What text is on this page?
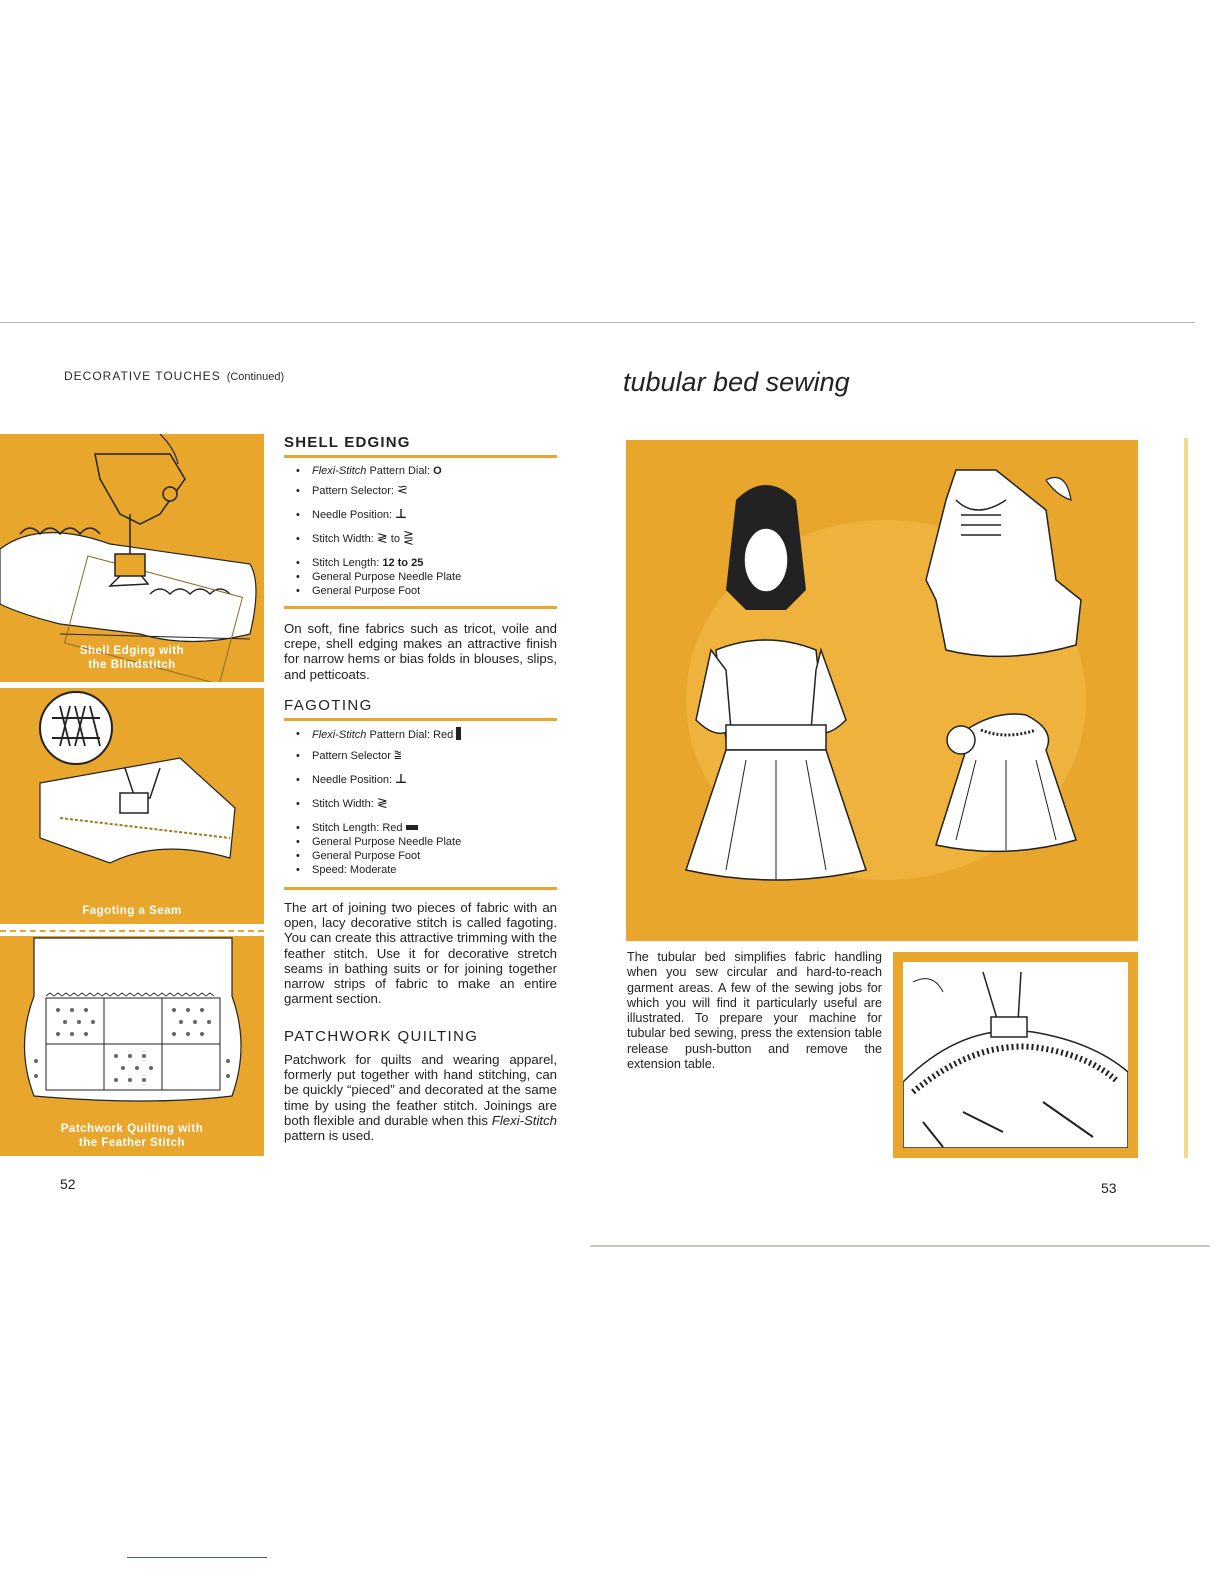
DECORATIVE TOUCHES (Continued)
Shell Edging with
the Blindstitch
Fagoting a Seam
Patchwork Quilting with
the Feather Stitch
SHELL EDGING
• Flexi-Stitch Pattern Dial: O
• Pattern Selector: ⪝
• Needle Position: ⊥
• Stitch Width: ≷ to ⋛
• Stitch Length: 12 to 25
• General Purpose Needle Plate
• General Purpose Foot
On soft, fine fabrics such as tricot, voile and crepe, shell edging makes an attractive finish for narrow hems or bias folds in blouses, slips, and petticoats.
FAGOTING
• Flexi-Stitch Pattern Dial: Red
• Pattern Selector ⩰
• Needle Position: ⊥
• Stitch Width: ≷
• Stitch Length: Red
• General Purpose Needle Plate
• General Purpose Foot
• Speed: Moderate
The art of joining two pieces of fabric with an open, lacy decorative stitch is called fagoting. You can create this attractive trimming with the feather stitch. Use it for decorative stretch seams in bathing suits or for joining together narrow strips of fabric to make an entire garment section.
PATCHWORK QUILTING
Patchwork for quilts and wearing apparel, formerly put together with hand stitching, can be quickly “pieced” and decorated at the same time by using the feather stitch. Joinings are both flexible and durable when this Flexi-Stitch pattern is used.
52
tubular bed sewing
The tubular bed simplifies fabric handling when you sew circular and hard-to-reach garment areas. A few of the sewing jobs for which you will find it particularly useful are illustrated. To prepare your machine for tubular bed sewing, press the extension table release push-button and remove the extension table.
53
